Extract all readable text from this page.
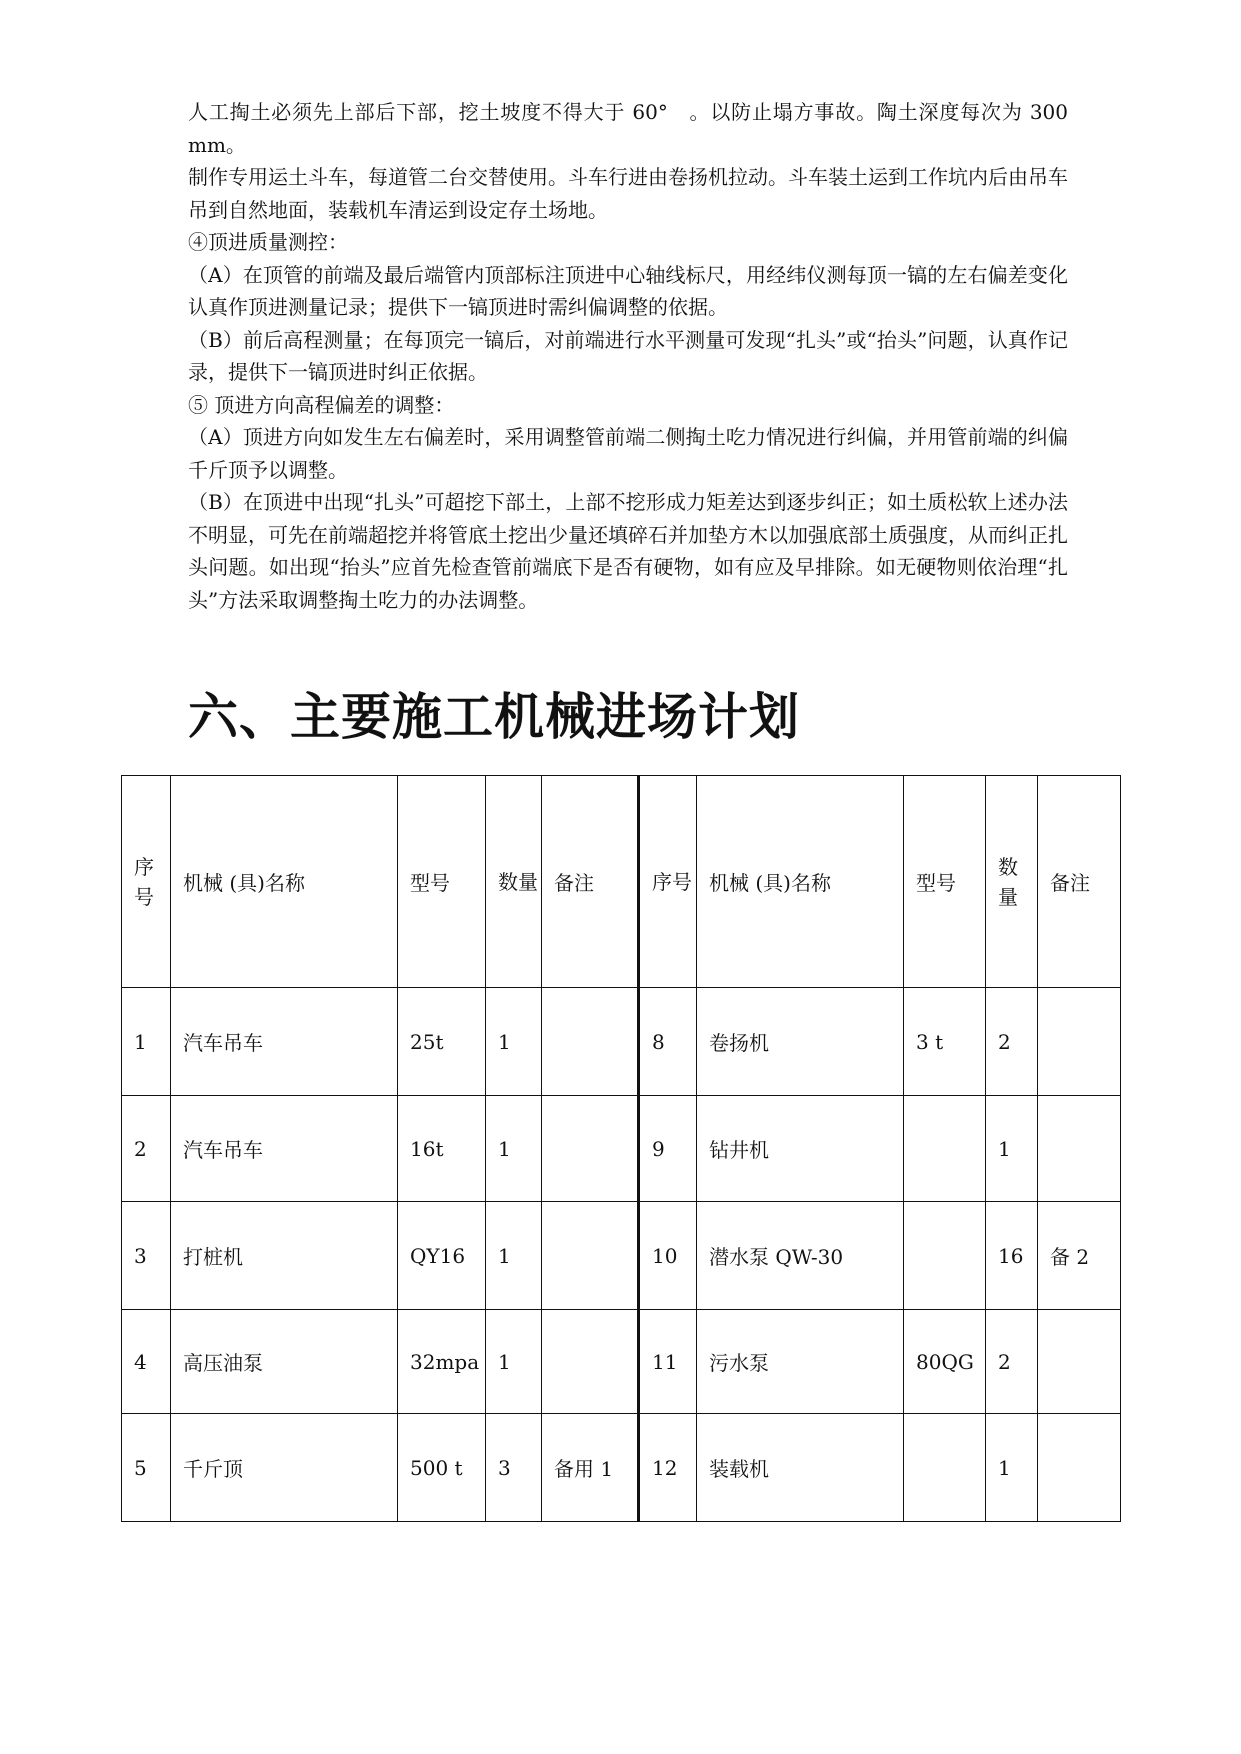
人工掏土必须先上部后下部，挖土坡度不得大于 60°　。以防止塌方事故。陶土深度每次为 300 mm。

制作专用运土斗车，每道管二台交替使用。斗车行进由卷扬机拉动。斗车装土运到工作坑内后由吊车吊到自然地面，装载机车清运到设定存土场地。

④顶进质量测控：

（A）在顶管的前端及最后端管内顶部标注顶进中心轴线标尺，用经纬仪测每顶一镐的左右偏差变化认真作顶进测量记录；提供下一镐顶进时需纠偏调整的依据。

（B）前后高程测量；在每顶完一镐后，对前端进行水平测量可发现“扎头”或“抬头”问题，认真作记录，提供下一镐顶进时纠正依据。

⑤ 顶进方向高程偏差的调整：

（A）顶进方向如发生左右偏差时，采用调整管前端二侧掏土吃力情况进行纠偏，并用管前端的纠偏千斤顶予以调整。

（B）在顶进中出现“扎头”可超挖下部土，上部不挖形成力矩差达到逐步纠正；如土质松软上述办法不明显，可先在前端超挖并将管底土挖出少量还填碎石并加垫方木以加强底部土质强度，从而纠正扎头问题。如出现“抬头”应首先检查管前端底下是否有硬物，如有应及早排除。如无硬物则依治理“扎头”方法采取调整掏土吃力的办法调整。

六、主要施工机械进场计划
序号	机械 (具)名称	型号	数量	备注	序号	机械 (具)名称	型号	数量	备注
1	汽车吊车	25t	1		8	卷扬机	3 t	2	
2	汽车吊车	16t	1		9	钻井机		1	
3	打桩机	QY16	1		10	潜水泵 QW-30		16	备 2
4	高压油泵	32mpa	1		11	污水泵	80QG	2	
5	千斤顶	500 t	3	备用 1	12	装载机		1	
